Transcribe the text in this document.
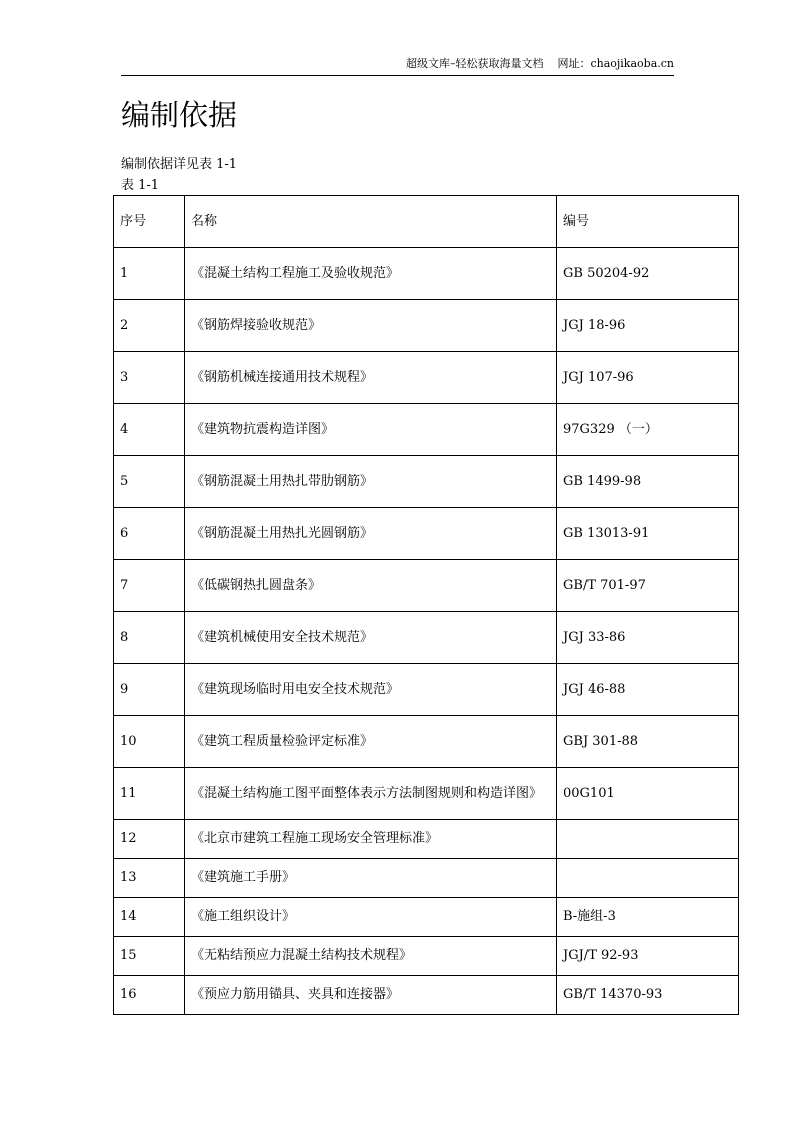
超级文库–轻松获取海量文档 网址：chaojikaoba.cn
编制依据
编制依据详见表 1-1
表 1-1
序号	名称	编号
1	《混凝土结构工程施工及验收规范》	GB 50204-92
2	《钢筋焊接验收规范》	JGJ 18-96
3	《钢筋机械连接通用技术规程》	JGJ 107-96
4	《建筑物抗震构造详图》	97G329 （一）
5	《钢筋混凝土用热扎带肋钢筋》	GB 1499-98
6	《钢筋混凝土用热扎光圆钢筋》	GB 13013-91
7	《低碳钢热扎圆盘条》	GB/T 701-97
8	《建筑机械使用安全技术规范》	JGJ 33-86
9	《建筑现场临时用电安全技术规范》	JGJ 46-88
10	《建筑工程质量检验评定标准》	GBJ 301-88
11	《混凝土结构施工图平面整体表示方法制图规则和构造详图》	00G101
12	《北京市建筑工程施工现场安全管理标准》	
13	《建筑施工手册》	
14	《施工组织设计》	B-施组-3
15	《无粘结预应力混凝土结构技术规程》	JGJ/T 92-93
16	《预应力筋用锚具、夹具和连接器》	GB/T 14370-93
